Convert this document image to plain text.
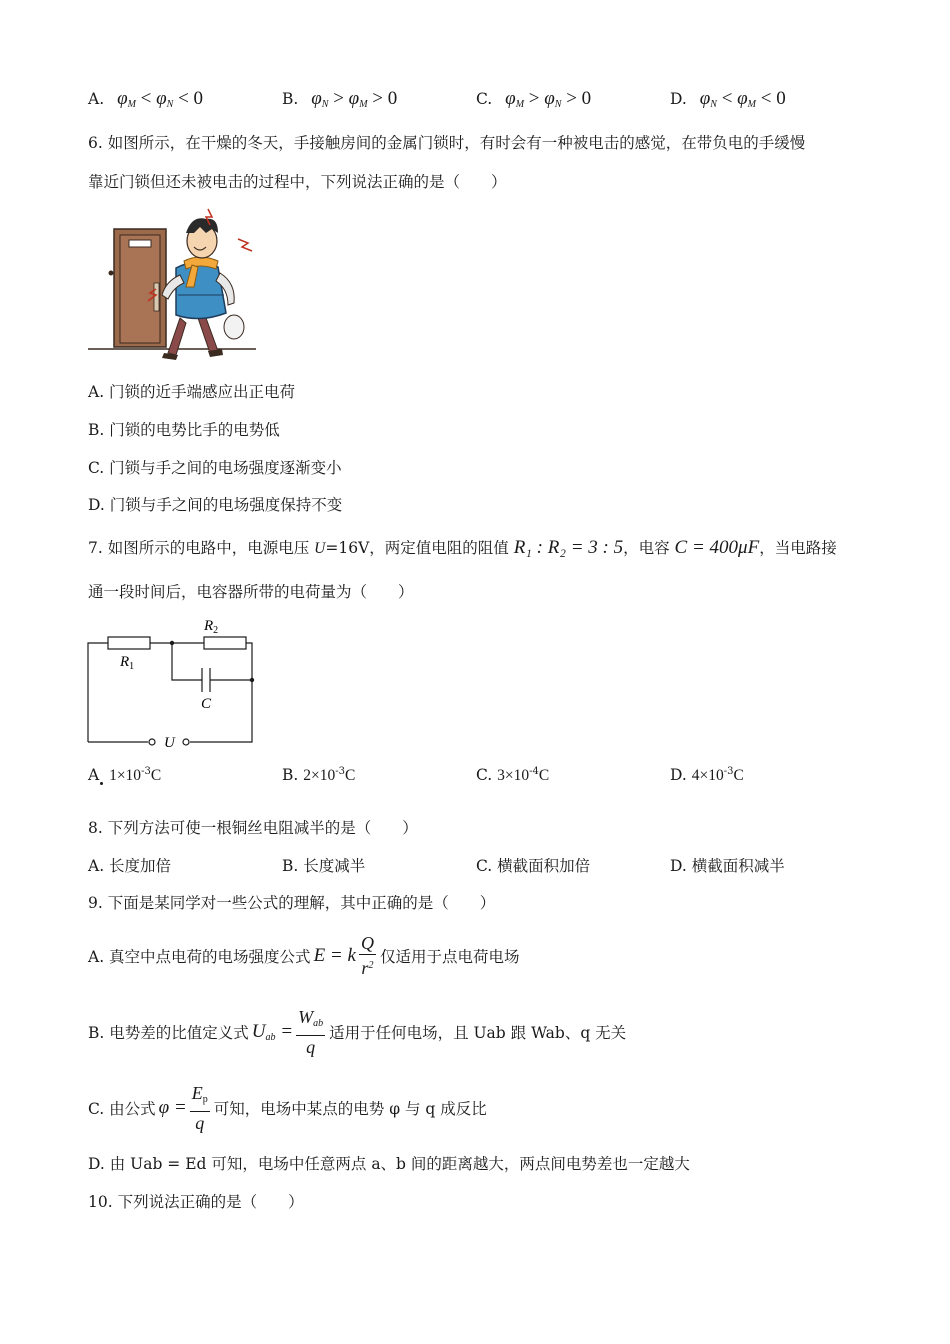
A. $\varphi_M < \varphi_N < 0$	B. $\varphi_N > \varphi_M > 0$	C. $\varphi_M > \varphi_N > 0$	D. $\varphi_N < \varphi_M < 0$
6. 如图所示，在干燥的冬天，手接触房间的金属门锁时，有时会有一种被电击的感觉，在带负电的手缓慢
靠近门锁但还未被电击的过程中，下列说法正确的是（　　）
A. 门锁的近手端感应出正电荷
B. 门锁的电势比手的电势低
C. 门锁与手之间的电场强度逐渐变小
D. 门锁与手之间的电场强度保持不变
7. 如图所示的电路中，电源电压 U=16V，两定值电阻的阻值 R₁ : R₂ = 3 : 5，电容 C = 400μF，当电路接
通一段时间后，电容器所带的电荷量为（　　）
$R_1$
$R_2$
C
U
A $1\times 10^{-3}C$	B. $2\times 10^{-3}C$	C. $3\times 10^{-4}C$	D. $4\times 10^{-3}C$
8. 下列方法可使一根铜丝电阻减半的是（　　）
A. 长度加倍	B. 长度减半	C. 横截面积加倍	D. 横截面积减半
9. 下面是某同学对一些公式的理解，其中正确的是（　　）
A. 真空中点电荷的电场强度公式 E = k $\frac{Q}{r^2}$ 仅适用于点电荷电场
B. 电势差的比值定义式 $U_{ab} = \frac{W_{ab}}{q}$ 适用于任何电场，且 Uab 跟 Wab、q 无关
C. 由公式 $\varphi = \frac{E_p}{q}$ 可知，电场中某点的电势 φ 与 q 成反比
D. 由 Uab = Ed 可知，电场中任意两点 a、b 间的距离越大，两点间电势差也一定越大
10. 下列说法正确的是（　　）
